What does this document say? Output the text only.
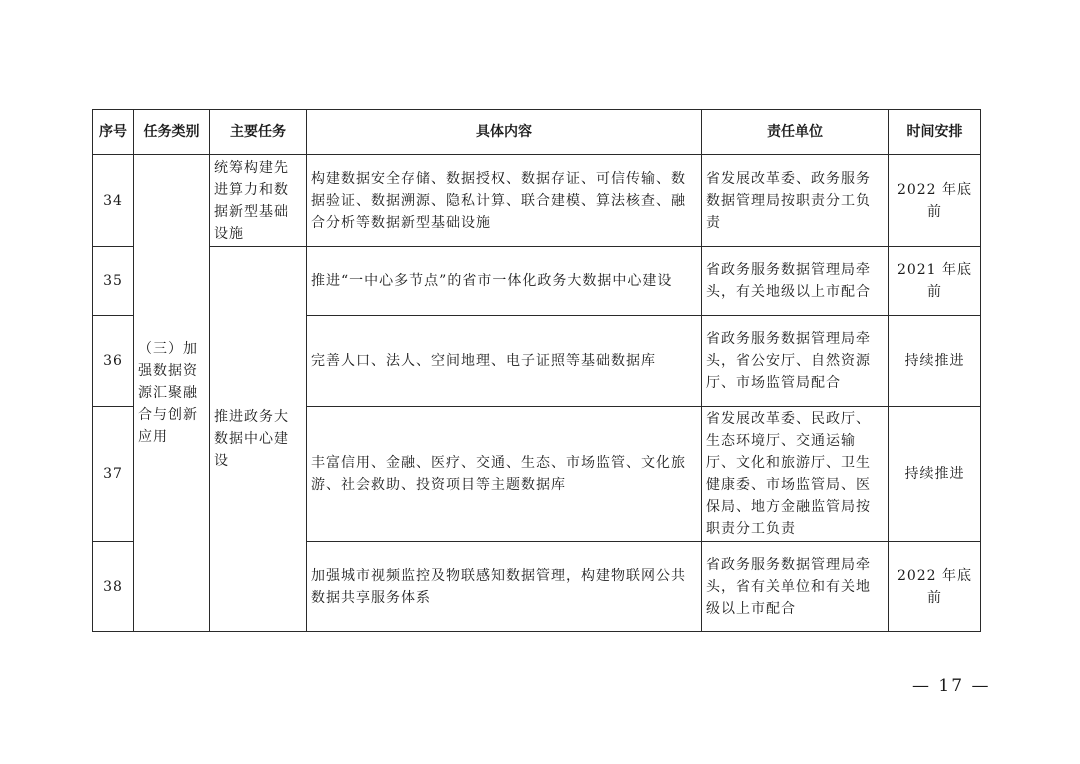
序号	任务类别	主要任务	具体内容	责任单位	时间安排
34	（三）加强数据资源汇聚融合与创新应用	统筹构建先进算力和数据新型基础设施	构建数据安全存储、数据授权、数据存证、可信传输、数据验证、数据溯源、隐私计算、联合建模、算法核查、融合分析等数据新型基础设施	省发展改革委、政务服务数据管理局按职责分工负责	2022 年底前
35		推进政务大数据中心建设	推进“一中心多节点”的省市一体化政务大数据中心建设	省政务服务数据管理局牵头，有关地级以上市配合	2021 年底前
36			完善人口、法人、空间地理、电子证照等基础数据库	省政务服务数据管理局牵头，省公安厅、自然资源厅、市场监管局配合	持续推进
37			丰富信用、金融、医疗、交通、生态、市场监管、文化旅游、社会救助、投资项目等主题数据库	省发展改革委、民政厅、生态环境厅、交通运输厅、文化和旅游厅、卫生健康委、市场监管局、医保局、地方金融监管局按职责分工负责	持续推进
38			加强城市视频监控及物联感知数据管理，构建物联网公共数据共享服务体系	省政务服务数据管理局牵头，省有关单位和有关地级以上市配合	2022 年底前
— 17 —
